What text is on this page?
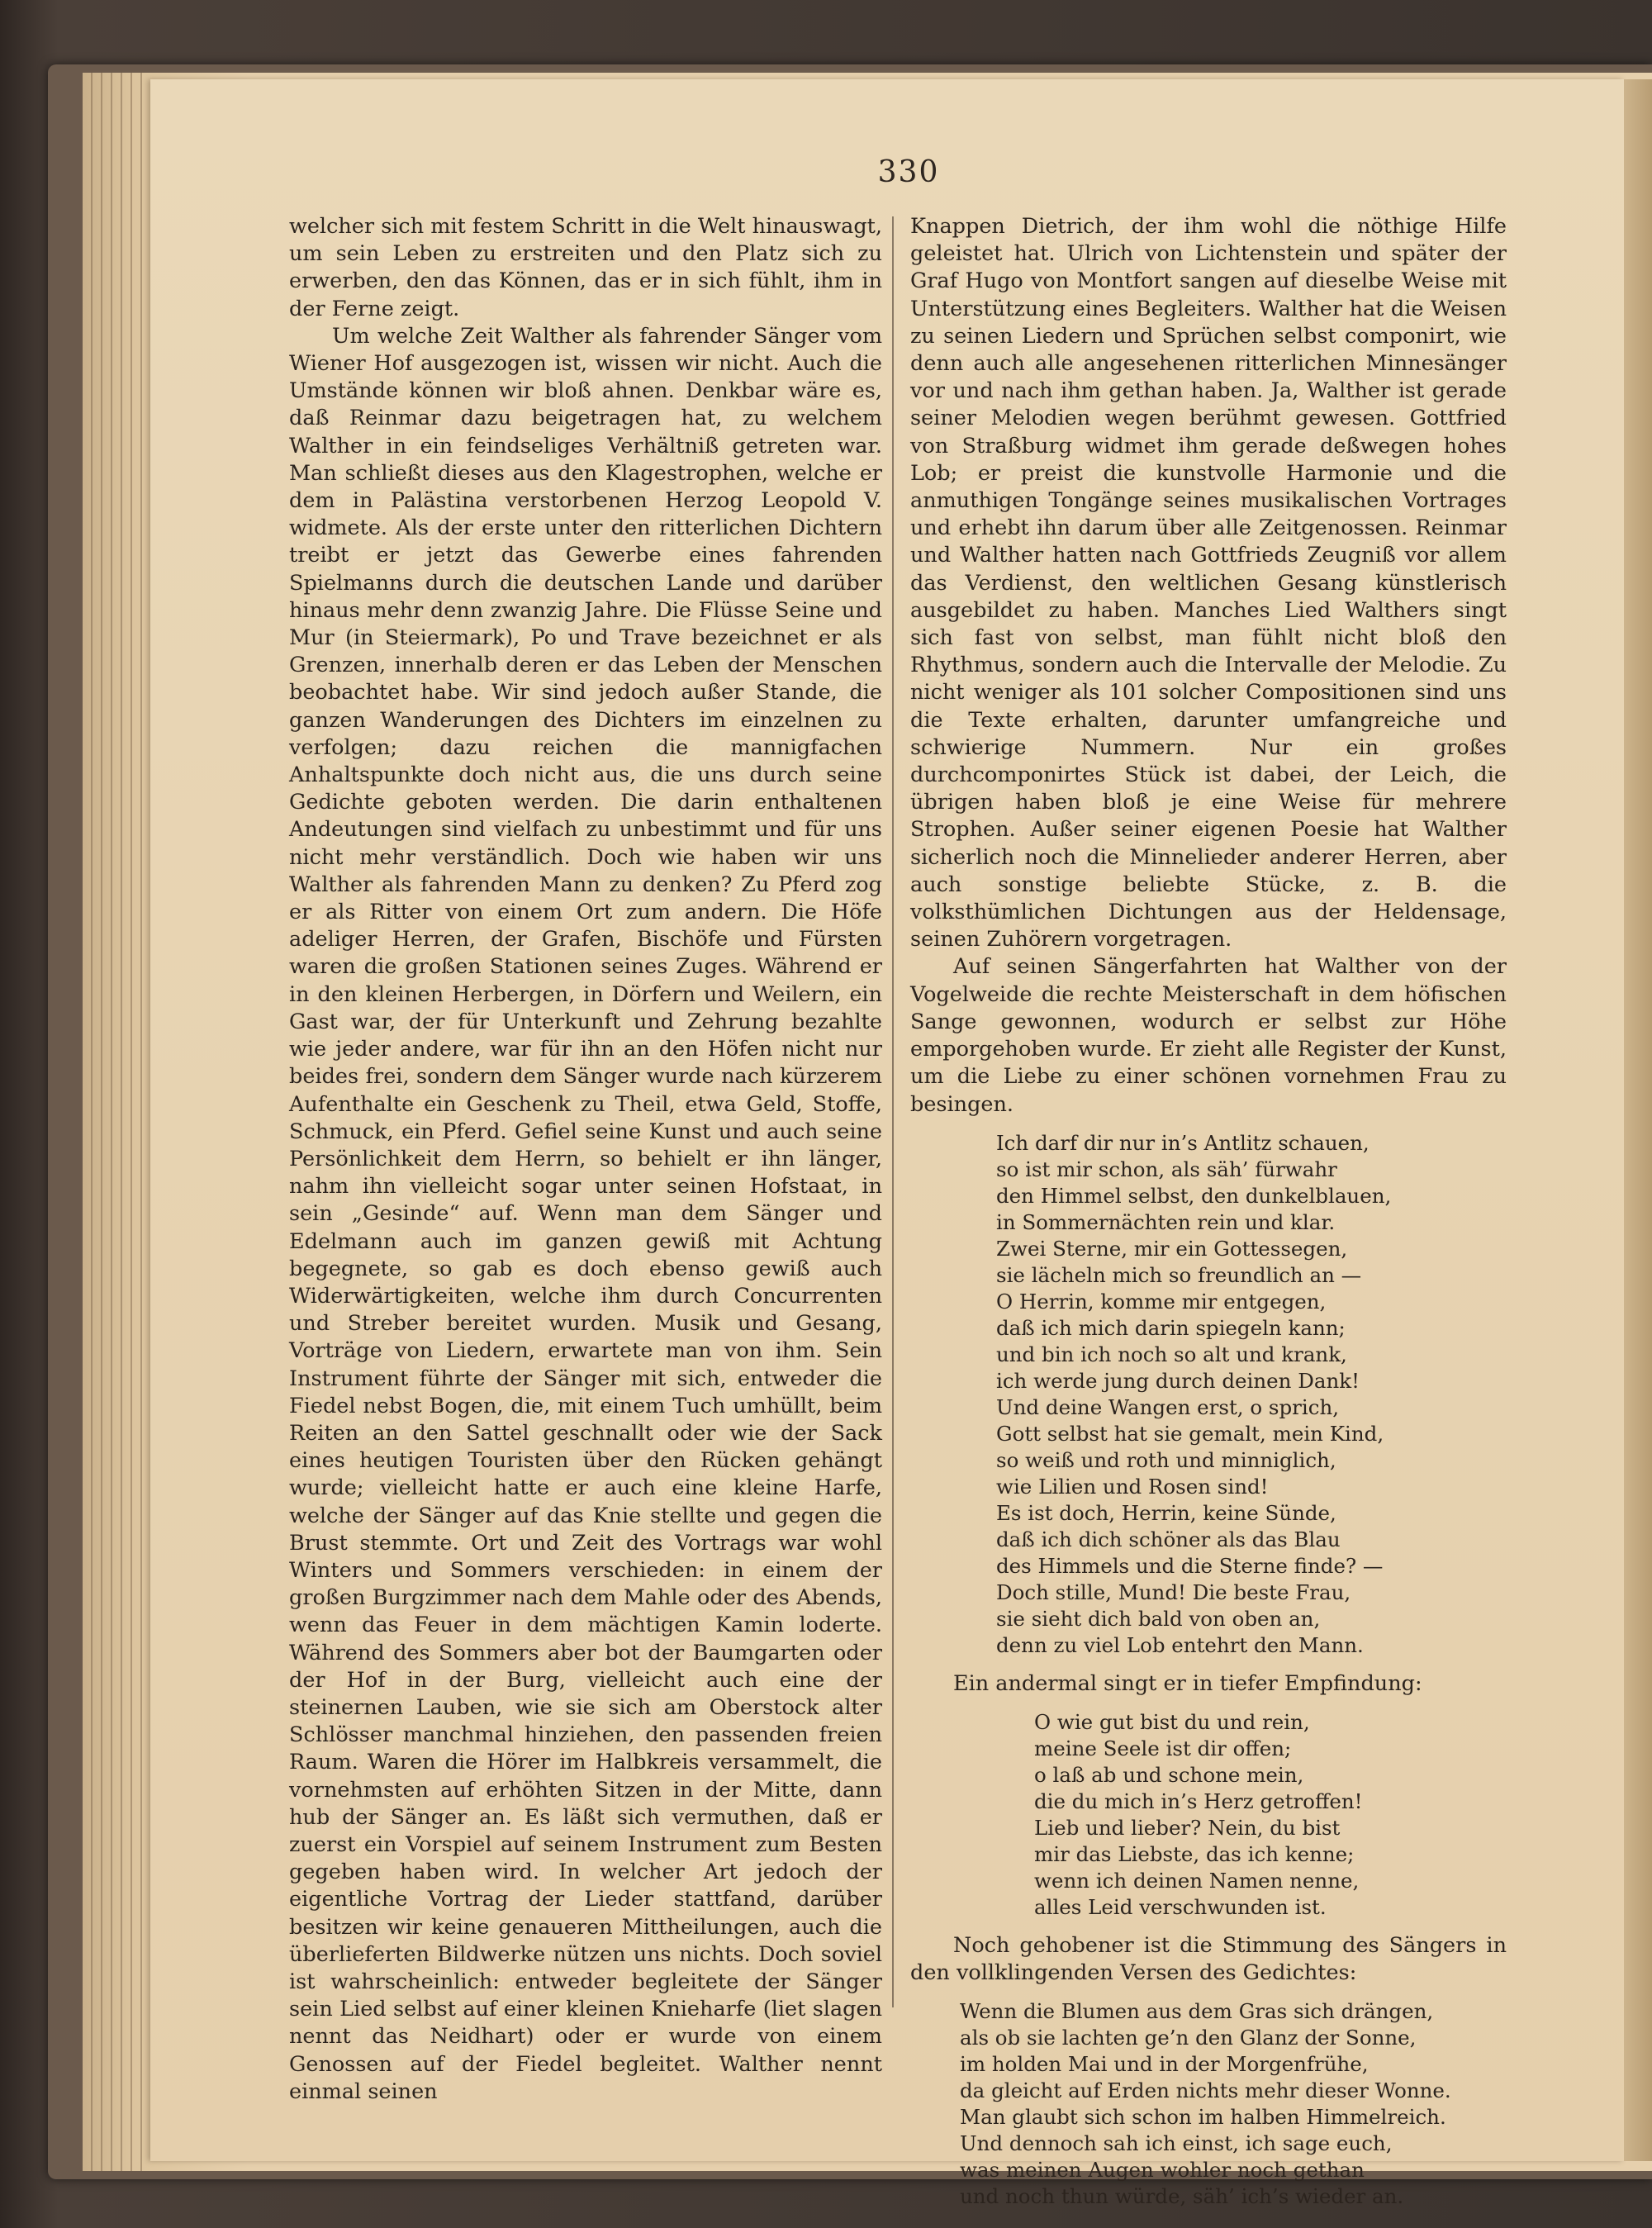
330

welcher sich mit festem Schritt in die Welt hinauswagt, um sein Leben zu erstreiten und den Platz sich zu erwerben, den das Können, das er in sich fühlt, ihm in der Ferne zeigt.

Um welche Zeit Walther als fahrender Sänger vom Wiener Hof ausgezogen ist, wissen wir nicht. Auch die Umstände können wir bloß ahnen. Denkbar wäre es, daß Reinmar dazu beigetragen hat, zu welchem Walther in ein feindseliges Verhältniß getreten war. Man schließt dieses aus den Klagestrophen, welche er dem in Palästina verstorbenen Herzog Leopold V. widmete. Als der erste unter den ritterlichen Dichtern treibt er jetzt das Gewerbe eines fahrenden Spielmanns durch die deutschen Lande und darüber hinaus mehr denn zwanzig Jahre. Die Flüsse Seine und Mur (in Steiermark), Po und Trave bezeichnet er als Grenzen, innerhalb deren er das Leben der Menschen beobachtet habe. Wir sind jedoch außer Stande, die ganzen Wanderungen des Dichters im einzelnen zu verfolgen; dazu reichen die mannigfachen Anhaltspunkte doch nicht aus, die uns durch seine Gedichte geboten werden. Die darin enthaltenen Andeutungen sind vielfach zu unbestimmt und für uns nicht mehr verständlich. Doch wie haben wir uns Walther als fahrenden Mann zu denken? Zu Pferd zog er als Ritter von einem Ort zum andern. Die Höfe adeliger Herren, der Grafen, Bischöfe und Fürsten waren die großen Stationen seines Zuges. Während er in den kleinen Herbergen, in Dörfern und Weilern, ein Gast war, der für Unterkunft und Zehrung bezahlte wie jeder andere, war für ihn an den Höfen nicht nur beides frei, sondern dem Sänger wurde nach kürzerem Aufenthalte ein Geschenk zu Theil, etwa Geld, Stoffe, Schmuck, ein Pferd. Gefiel seine Kunst und auch seine Persönlichkeit dem Herrn, so behielt er ihn länger, nahm ihn vielleicht sogar unter seinen Hofstaat, in sein „Gesinde“ auf. Wenn man dem Sänger und Edelmann auch im ganzen gewiß mit Achtung begegnete, so gab es doch ebenso gewiß auch Widerwärtigkeiten, welche ihm durch Concurrenten und Streber bereitet wurden. Musik und Gesang, Vorträge von Liedern, erwartete man von ihm. Sein Instrument führte der Sänger mit sich, entweder die Fiedel nebst Bogen, die, mit einem Tuch umhüllt, beim Reiten an den Sattel geschnallt oder wie der Sack eines heutigen Touristen über den Rücken gehängt wurde; vielleicht hatte er auch eine kleine Harfe, welche der Sänger auf das Knie stellte und gegen die Brust stemmte. Ort und Zeit des Vortrags war wohl Winters und Sommers verschieden: in einem der großen Burgzimmer nach dem Mahle oder des Abends, wenn das Feuer in dem mächtigen Kamin loderte. Während des Sommers aber bot der Baumgarten oder der Hof in der Burg, vielleicht auch eine der steinernen Lauben, wie sie sich am Oberstock alter Schlösser manchmal hinziehen, den passenden freien Raum. Waren die Hörer im Halbkreis versammelt, die vornehmsten auf erhöhten Sitzen in der Mitte, dann hub der Sänger an. Es läßt sich vermuthen, daß er zuerst ein Vorspiel auf seinem Instrument zum Besten gegeben haben wird. In welcher Art jedoch der eigentliche Vortrag der Lieder stattfand, darüber besitzen wir keine genaueren Mittheilungen, auch die überlieferten Bildwerke nützen uns nichts. Doch soviel ist wahrscheinlich: entweder begleitete der Sänger sein Lied selbst auf einer kleinen Knieharfe (liet slagen nennt das Neidhart) oder er wurde von einem Genossen auf der Fiedel begleitet. Walther nennt einmal seinen

Knappen Dietrich, der ihm wohl die nöthige Hilfe geleistet hat. Ulrich von Lichtenstein und später der Graf Hugo von Montfort sangen auf dieselbe Weise mit Unterstützung eines Begleiters. Walther hat die Weisen zu seinen Liedern und Sprüchen selbst componirt, wie denn auch alle angesehenen ritterlichen Minnesänger vor und nach ihm gethan haben. Ja, Walther ist gerade seiner Melodien wegen berühmt gewesen. Gottfried von Straßburg widmet ihm gerade deßwegen hohes Lob; er preist die kunstvolle Harmonie und die anmuthigen Tongänge seines musikalischen Vortrages und erhebt ihn darum über alle Zeitgenossen. Reinmar und Walther hatten nach Gottfrieds Zeugniß vor allem das Verdienst, den weltlichen Gesang künstlerisch ausgebildet zu haben. Manches Lied Walthers singt sich fast von selbst, man fühlt nicht bloß den Rhythmus, sondern auch die Intervalle der Melodie. Zu nicht weniger als 101 solcher Compositionen sind uns die Texte erhalten, darunter umfangreiche und schwierige Nummern. Nur ein großes durchcomponirtes Stück ist dabei, der Leich, die übrigen haben bloß je eine Weise für mehrere Strophen. Außer seiner eigenen Poesie hat Walther sicherlich noch die Minnelieder anderer Herren, aber auch sonstige beliebte Stücke, z. B. die volksthümlichen Dichtungen aus der Heldensage, seinen Zuhörern vorgetragen.

Auf seinen Sängerfahrten hat Walther von der Vogelweide die rechte Meisterschaft in dem höfischen Sange gewonnen, wodurch er selbst zur Höhe emporgehoben wurde. Er zieht alle Register der Kunst, um die Liebe zu einer schönen vornehmen Frau zu besingen.

Ich darf dir nur in’s Antlitz schauen,
so ist mir schon, als säh’ fürwahr
den Himmel selbst, den dunkelblauen,
in Sommernächten rein und klar.
Zwei Sterne, mir ein Gottessegen,
sie lächeln mich so freundlich an —
O Herrin, komme mir entgegen,
daß ich mich darin spiegeln kann;
und bin ich noch so alt und krank,
ich werde jung durch deinen Dank!
Und deine Wangen erst, o sprich,
Gott selbst hat sie gemalt, mein Kind,
so weiß und roth und minniglich,
wie Lilien und Rosen sind!
Es ist doch, Herrin, keine Sünde,
daß ich dich schöner als das Blau
des Himmels und die Sterne finde? —
Doch stille, Mund! Die beste Frau,
sie sieht dich bald von oben an,
denn zu viel Lob entehrt den Mann.

Ein andermal singt er in tiefer Empfindung:

O wie gut bist du und rein,
meine Seele ist dir offen;
o laß ab und schone mein,
die du mich in’s Herz getroffen!
Lieb und lieber? Nein, du bist
mir das Liebste, das ich kenne;
wenn ich deinen Namen nenne,
alles Leid verschwunden ist.

Noch gehobener ist die Stimmung des Sängers in den vollklingenden Versen des Gedichtes:

Wenn die Blumen aus dem Gras sich drängen,
als ob sie lachten ge’n den Glanz der Sonne,
im holden Mai und in der Morgenfrühe,
da gleicht auf Erden nichts mehr dieser Wonne.
Man glaubt sich schon im halben Himmelreich.
Und dennoch sah ich einst, ich sage euch,
was meinen Augen wohler noch gethan
und noch thun würde, säh’ ich’s wieder an.
